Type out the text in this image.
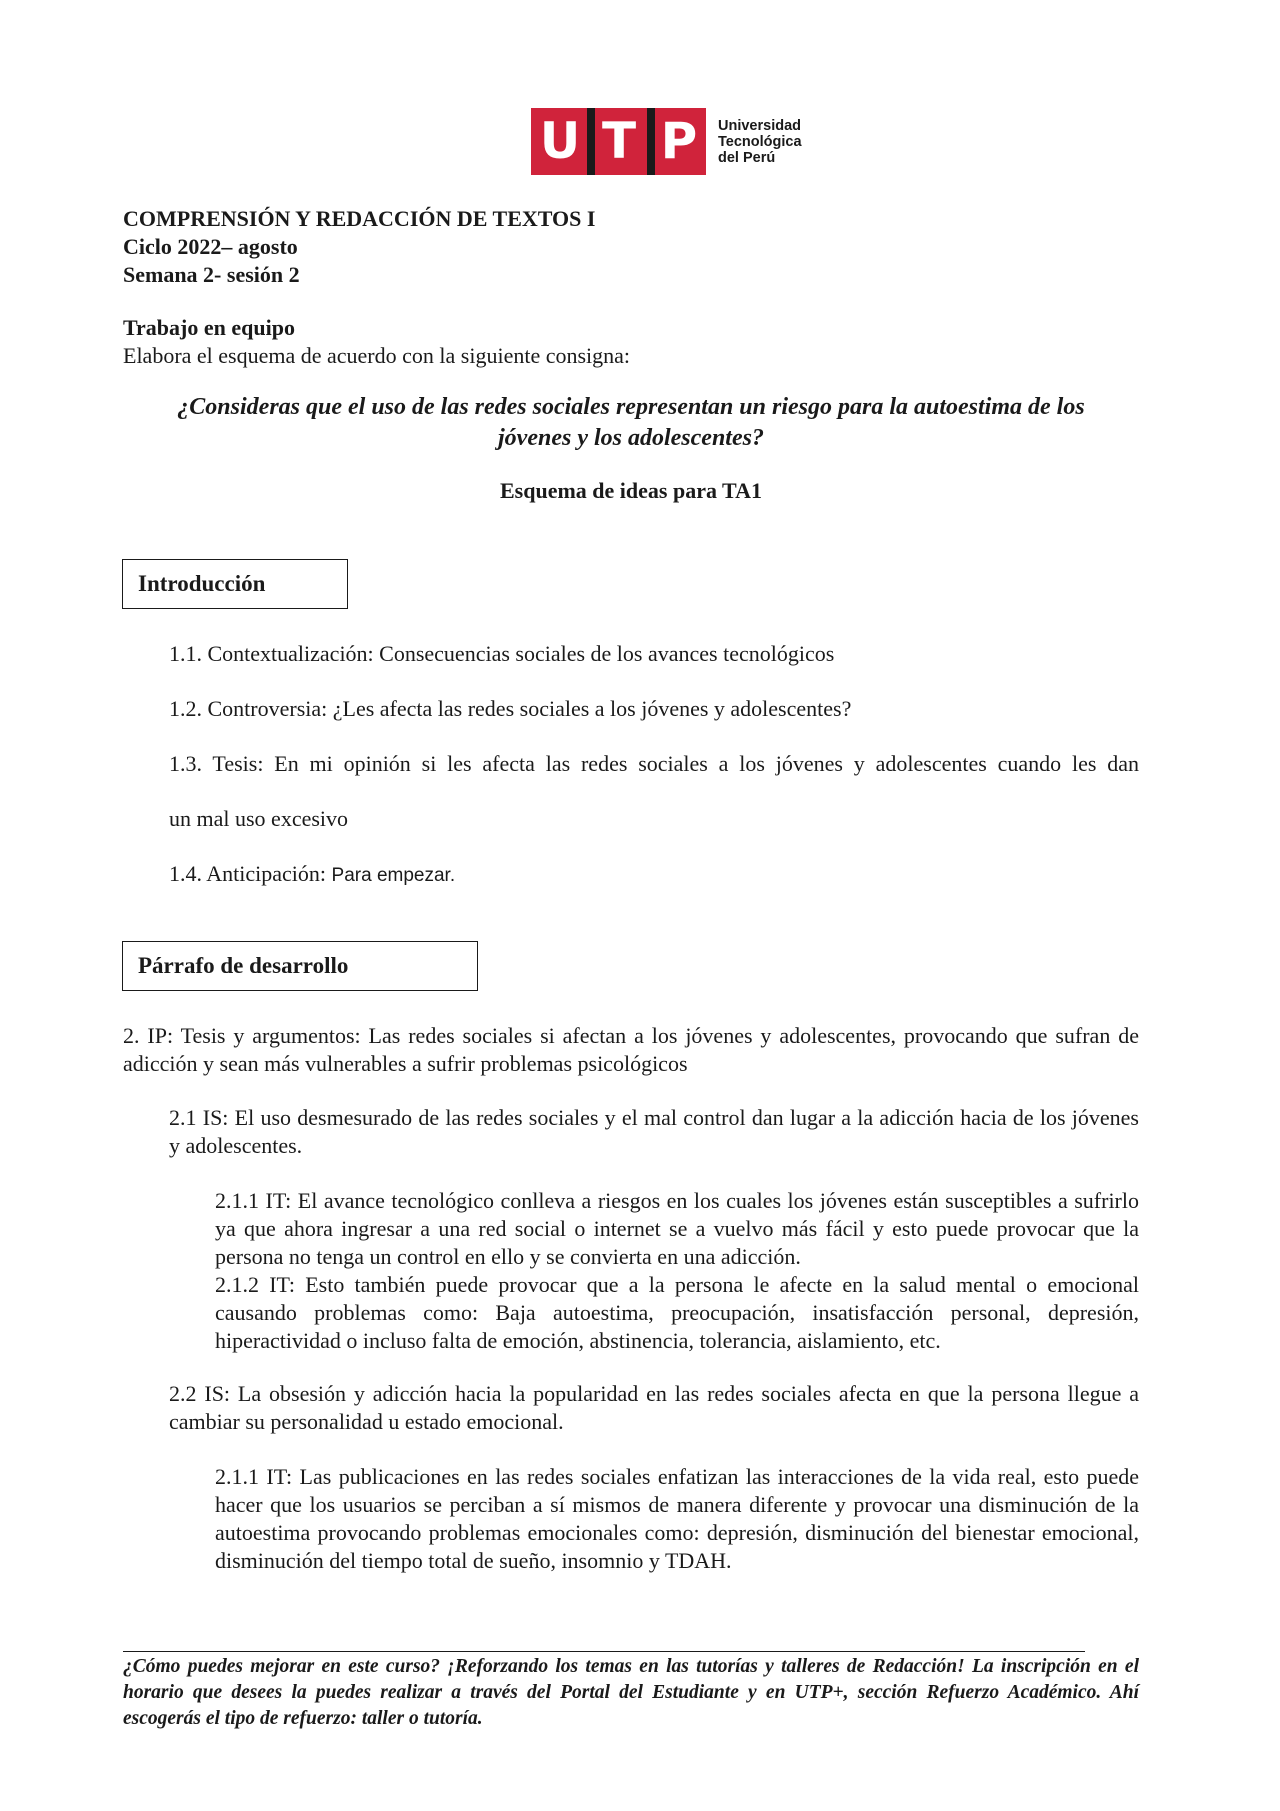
U T P	Universidad
Tecnológica
del Perú
COMPRENSIÓN Y REDACCIÓN DE TEXTOS I
Ciclo 2022– agosto
Semana 2- sesión 2
Trabajo en equipo
Elabora el esquema de acuerdo con la siguiente consigna:
¿Consideras que el uso de las redes sociales representan un riesgo para la autoestima de los
jóvenes y los adolescentes?
Esquema de ideas para TA1
Introducción
1.1. Contextualización: Consecuencias sociales de los avances tecnológicos
1.2. Controversia: ¿Les afecta las redes sociales a los jóvenes y adolescentes?
1.3. Tesis: En mi opinión si les afecta las redes sociales a los jóvenes y adolescentes cuando les dan
un mal uso excesivo
1.4. Anticipación: Para empezar.
Párrafo de desarrollo
2. IP: Tesis y argumentos: Las redes sociales si afectan a los jóvenes y adolescentes, provocando que sufran de adicción y sean más vulnerables a sufrir problemas psicológicos
2.1 IS: El uso desmesurado de las redes sociales y el mal control dan lugar a la adicción hacia de los jóvenes y adolescentes.
2.1.1 IT: El avance tecnológico conlleva a riesgos en los cuales los jóvenes están susceptibles a sufrirlo ya que ahora ingresar a una red social o internet se a vuelvo más fácil y esto puede provocar que la persona no tenga un control en ello y se convierta en una adicción.
2.1.2 IT: Esto también puede provocar que a la persona le afecte en la salud mental o emocional causando problemas como: Baja autoestima, preocupación, insatisfacción personal, depresión, hiperactividad o incluso falta de emoción, abstinencia, tolerancia, aislamiento, etc.
2.2 IS: La obsesión y adicción hacia la popularidad en las redes sociales afecta en que la persona llegue a cambiar su personalidad u estado emocional.
2.1.1 IT: Las publicaciones en las redes sociales enfatizan las interacciones de la vida real, esto puede hacer que los usuarios se perciban a sí mismos de manera diferente y provocar una disminución de la autoestima provocando problemas emocionales como: depresión, disminución del bienestar emocional, disminución del tiempo total de sueño, insomnio y TDAH.
¿Cómo puedes mejorar en este curso? ¡Reforzando los temas en las tutorías y talleres de Redacción! La inscripción en el horario que desees la puedes realizar a través del Portal del Estudiante y en UTP+, sección Refuerzo Académico. Ahí escogerás el tipo de refuerzo: taller o tutoría.
